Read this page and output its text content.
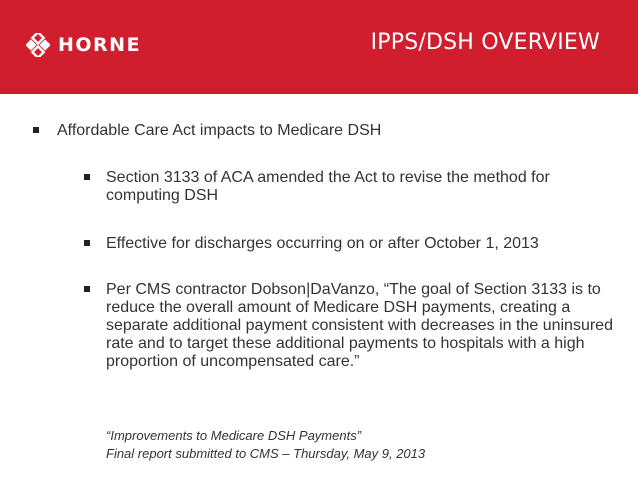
HORNE	IPPS/DSH OVERVIEW
Affordable Care Act impacts to Medicare DSH
Section 3133 of ACA amended the Act to revise the method for computing DSH
Effective for discharges occurring on or after October 1, 2013
Per CMS contractor Dobson|DaVanzo, “The goal of Section 3133 is to reduce the overall amount of Medicare DSH payments, creating a separate additional payment consistent with decreases in the uninsured rate and to target these additional payments to hospitals with a high proportion of uncompensated care.”
“Improvements to Medicare DSH Payments”
Final report submitted to CMS – Thursday, May 9, 2013
